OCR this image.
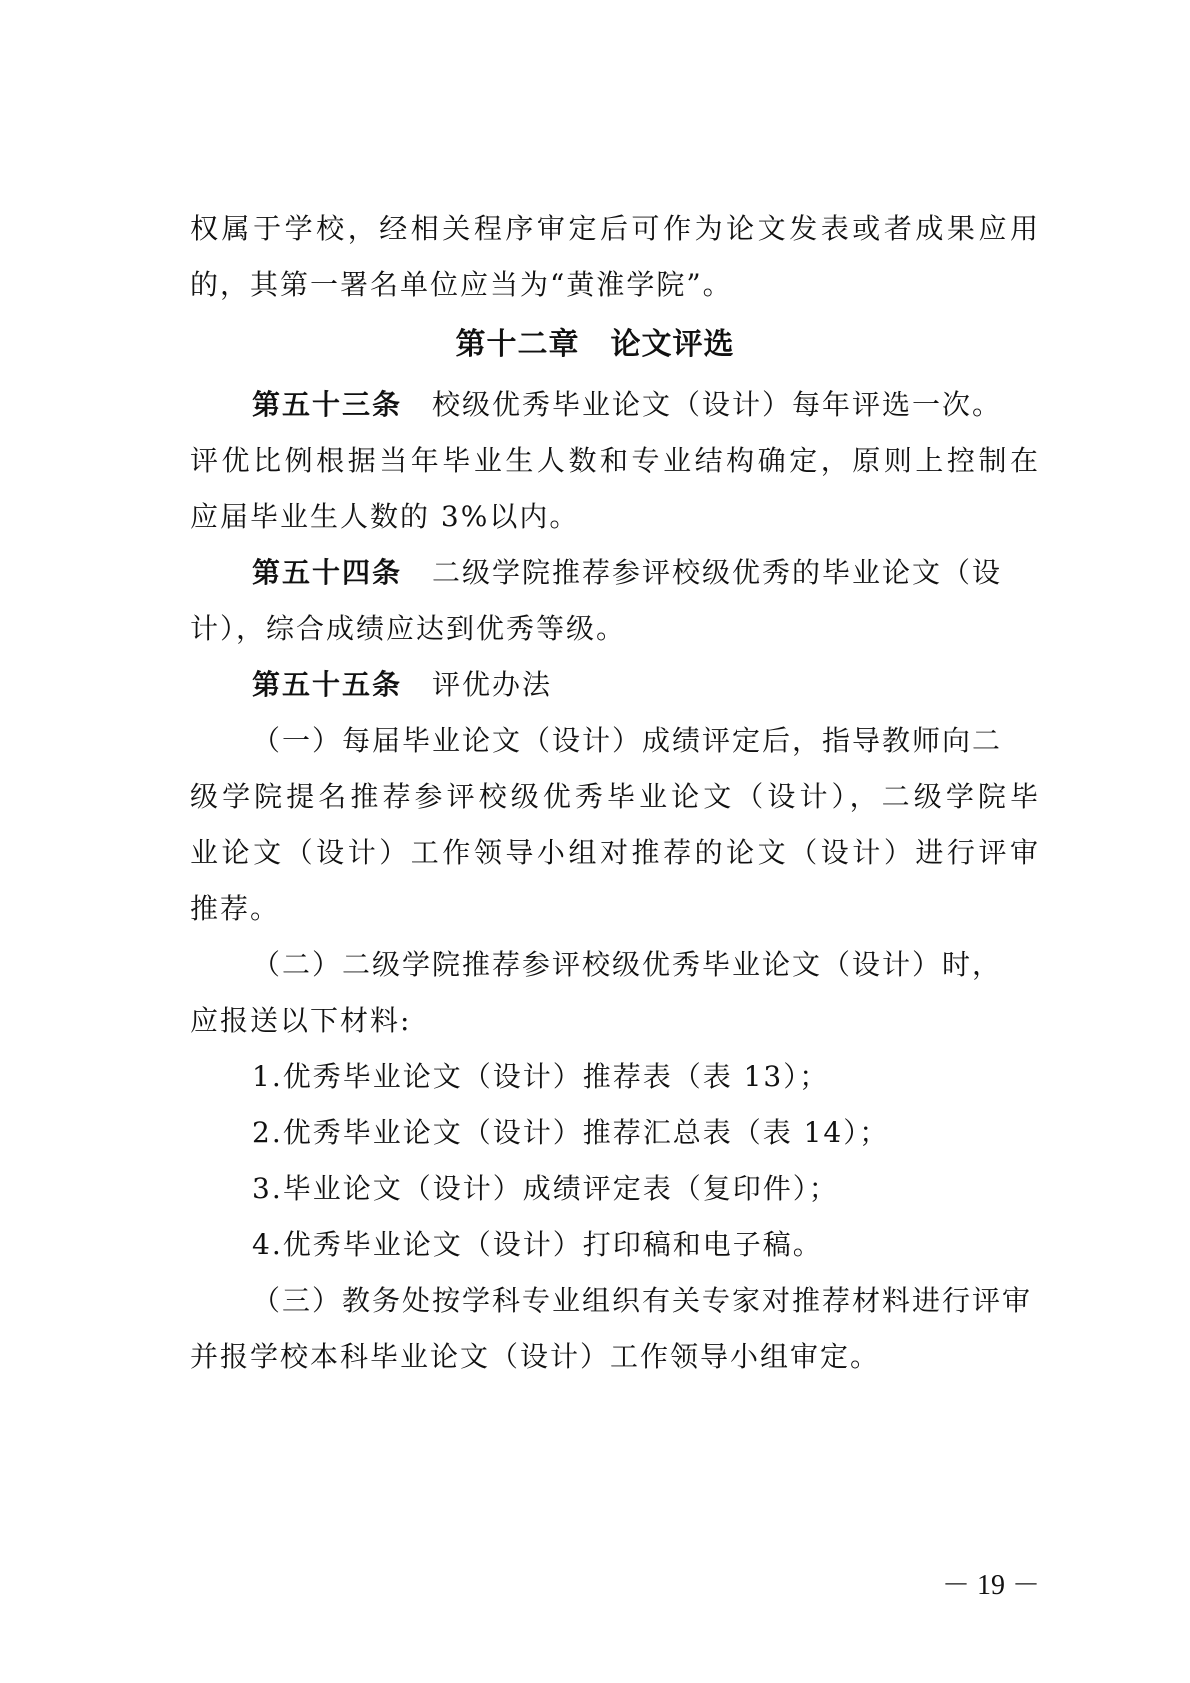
权属于学校，经相关程序审定后可作为论文发表或者成果应用
的，其第一署名单位应当为“黄淮学院”。
第十二章　论文评选
第五十三条 校级优秀毕业论文（设计）每年评选一次。
评优比例根据当年毕业生人数和专业结构确定，原则上控制在
应届毕业生人数的 3%以内。
第五十四条 二级学院推荐参评校级优秀的毕业论文（设
计），综合成绩应达到优秀等级。
第五十五条 评优办法
（一）每届毕业论文（设计）成绩评定后，指导教师向二
级学院提名推荐参评校级优秀毕业论文（设计），二级学院毕
业论文（设计）工作领导小组对推荐的论文（设计）进行评审
推荐。
（二）二级学院推荐参评校级优秀毕业论文（设计）时，
应报送以下材料:
1.优秀毕业论文（设计）推荐表（表 13）；
2.优秀毕业论文（设计）推荐汇总表（表 14）；
3.毕业论文（设计）成绩评定表（复印件）；
4.优秀毕业论文（设计）打印稿和电子稿。
（三）教务处按学科专业组织有关专家对推荐材料进行评审
并报学校本科毕业论文（设计）工作领导小组审定。
－ 19 －
